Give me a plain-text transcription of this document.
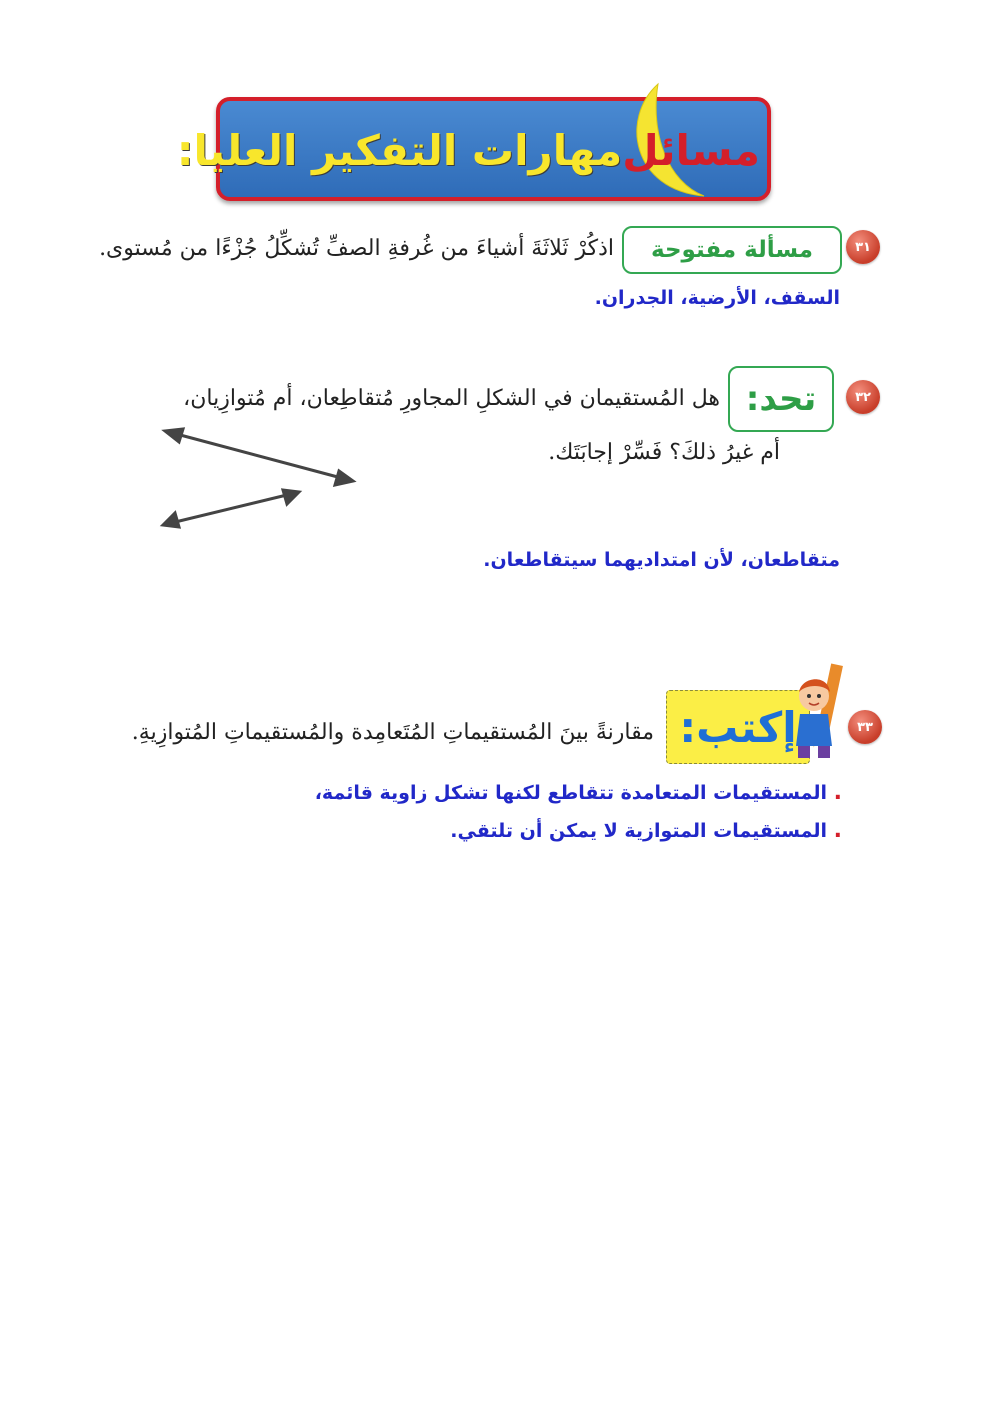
مسائل
مهارات التفكير العليا:
٣١
مسألة مفتوحة
اذكُرْ ثَلاثَةَ أشياءَ من غُرفةِ الصفِّ تُشكِّلُ جُزْءًا من مُستوى.
السقف، الأرضية، الجدران.
٣٢
تحد:
هل المُستقيمان في الشكلِ المجاورِ مُتقاطِعان، أم مُتوازِيان،
أم غيرُ ذلكَ؟ فَسِّرْ إجابَتَك.
متقاطعان، لأن امتداديهما سيتقاطعان.
٣٣
إكتب:
مقارنةً بينَ المُستقيماتِ المُتَعامِدة والمُستقيماتِ المُتوازِيةِ.
. المستقيمات المتعامدة تتقاطع لكنها تشكل زاوية قائمة،
. المستقيمات المتوازية لا يمكن أن تلتقي.
